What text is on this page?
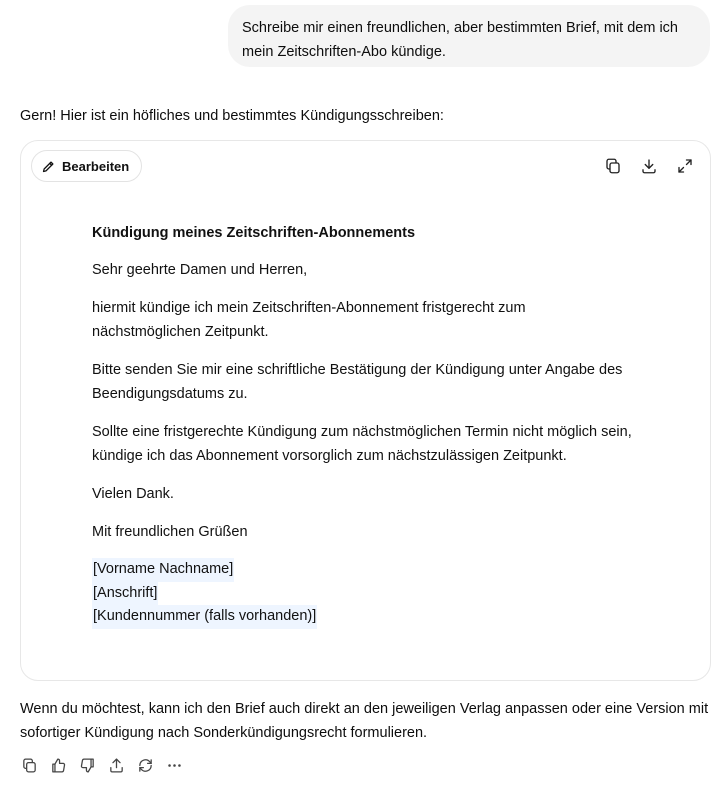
Schreibe mir einen freundlichen, aber bestimmten Brief, mit dem ich mein Zeitschriften-Abo kündige.
Gern! Hier ist ein höfliches und bestimmtes Kündigungsschreiben:
Bearbeiten
Kündigung meines Zeitschriften-Abonnements

Sehr geehrte Damen und Herren,

hiermit kündige ich mein Zeitschriften-Abonnement fristgerecht zum nächstmöglichen Zeitpunkt.

Bitte senden Sie mir eine schriftliche Bestätigung der Kündigung unter Angabe des Beendigungsdatums zu.

Sollte eine fristgerechte Kündigung zum nächstmöglichen Termin nicht möglich sein, kündige ich das Abonnement vorsorglich zum nächstzulässigen Zeitpunkt.

Vielen Dank.

Mit freundlichen Grüßen

[Vorname Nachname]
[Anschrift]
[Kundennummer (falls vorhanden)]
Wenn du möchtest, kann ich den Brief auch direkt an den jeweiligen Verlag anpassen oder eine Version mit sofortiger Kündigung nach Sonderkündigungsrecht formulieren.
